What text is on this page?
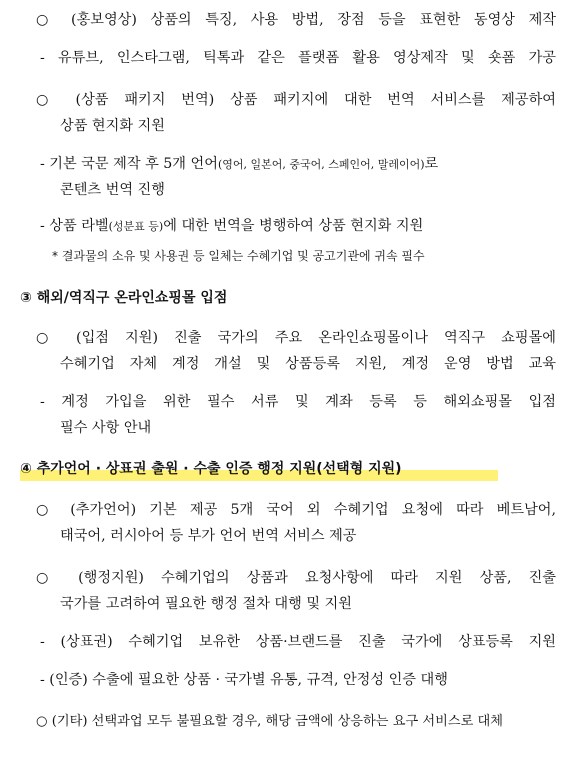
○ (홍보영상) 상품의 특징, 사용 방법, 장점 등을 표현한 동영상 제작
- 유튜브, 인스타그램, 틱톡과 같은 플랫폼 활용 영상제작 및 숏폼 가공
○ (상품 패키지 번역) 상품 패키지에 대한 번역 서비스를 제공하여
상품 현지화 지원
- 기본 국문 제작 후 5개 언어(영어, 일본어, 중국어, 스페인어, 말레이어)로
콘텐츠 번역 진행
- 상품 라벨(성분표 등)에 대한 번역을 병행하여 상품 현지화 지원
* 결과물의 소유 및 사용권 등 일체는 수혜기업 및 공고기관에 귀속 필수
③ 해외/역직구 온라인쇼핑몰 입점
○ (입점 지원) 진출 국가의 주요 온라인쇼핑몰이나 역직구 쇼핑몰에
수혜기업 자체 계정 개설 및 상품등록 지원, 계정 운영 방법 교육
- 계정 가입을 위한 필수 서류 및 계좌 등록 등 해외쇼핑몰 입점
필수 사항 안내
④ 추가언어 · 상표권 출원 · 수출 인증 행정 지원(선택형 지원)
○ (추가언어) 기본 제공 5개 국어 외 수혜기업 요청에 따라 베트남어,
태국어, 러시아어 등 부가 언어 번역 서비스 제공
○ (행정지원) 수혜기업의 상품과 요청사항에 따라 지원 상품, 진출
국가를 고려하여 필요한 행정 절차 대행 및 지원
- (상표권) 수혜기업 보유한 상품·브랜드를 진출 국가에 상표등록 지원
- (인증) 수출에 필요한 상품 · 국가별 유통, 규격, 안정성 인증 대행
○ (기타) 선택과업 모두 불필요할 경우, 해당 금액에 상응하는 요구 서비스로 대체
